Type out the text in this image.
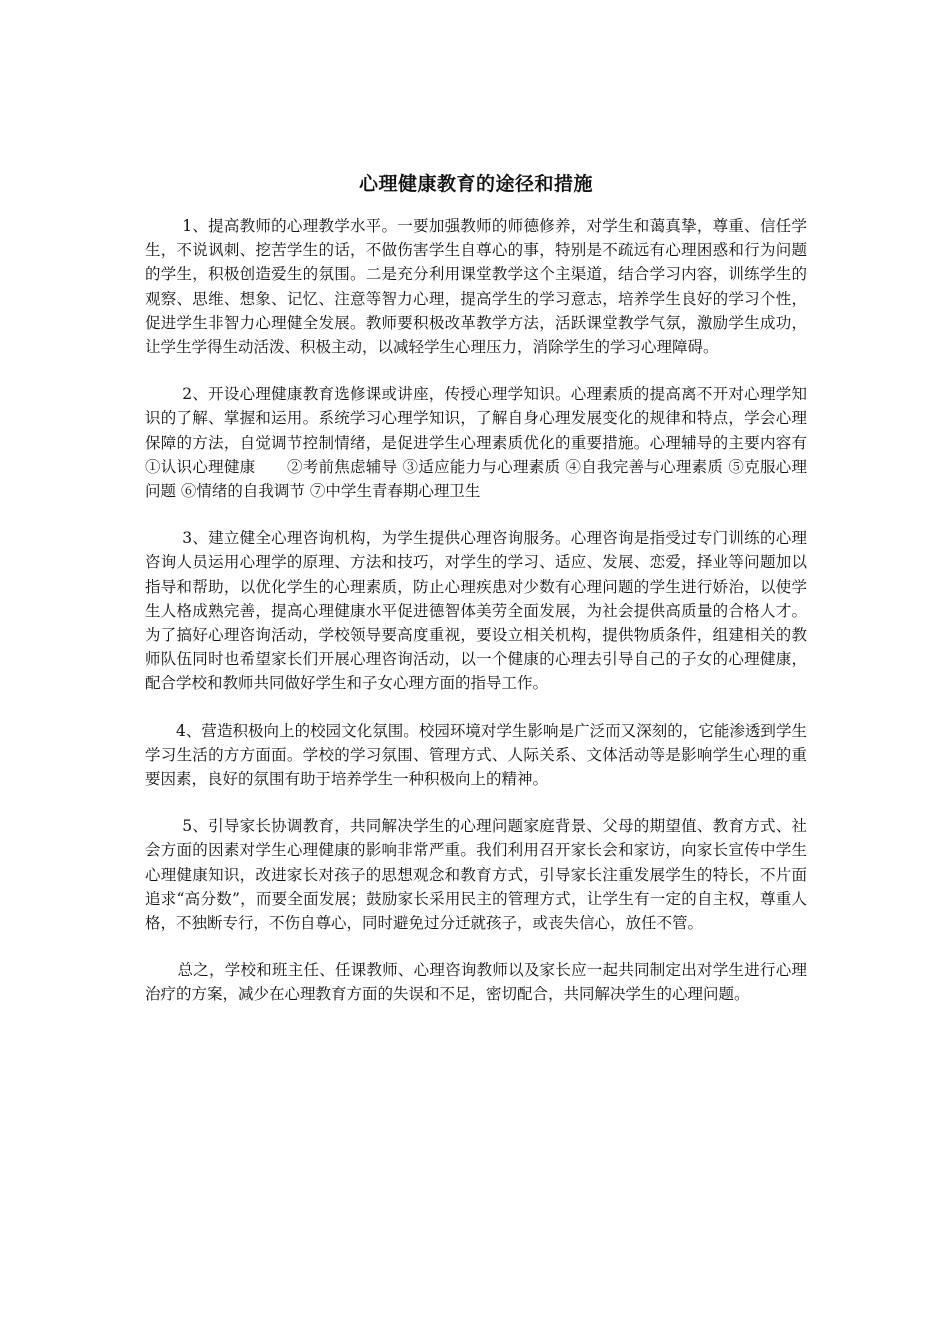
心理健康教育的途径和措施

1、提高教师的心理教学水平。一要加强教师的师德修养，对学生和蔼真挚，尊重、信任学生，不说讽刺、挖苦学生的话，不做伤害学生自尊心的事，特别是不疏远有心理困惑和行为问题的学生，积极创造爱生的氛围。二是充分利用课堂教学这个主渠道，结合学习内容，训练学生的观察、思维、想象、记忆、注意等智力心理，提高学生的学习意志，培养学生良好的学习个性，促进学生非智力心理健全发展。教师要积极改革教学方法，活跃课堂教学气氛，激励学生成功，让学生学得生动活泼、积极主动，以减轻学生心理压力，消除学生的学习心理障碍。

2、开设心理健康教育选修课或讲座，传授心理学知识。心理素质的提高离不开对心理学知识的了解、掌握和运用。系统学习心理学知识，了解自身心理发展变化的规律和特点，学会心理保障的方法，自觉调节控制情绪，是促进学生心理素质优化的重要措施。心理辅导的主要内容有①认识心理健康　　②考前焦虑辅导 ③适应能力与心理素质 ④自我完善与心理素质 ⑤克服心理问题 ⑥情绪的自我调节 ⑦中学生青春期心理卫生

3、建立健全心理咨询机构，为学生提供心理咨询服务。心理咨询是指受过专门训练的心理咨询人员运用心理学的原理、方法和技巧，对学生的学习、适应、发展、恋爱，择业等问题加以指导和帮助，以优化学生的心理素质，防止心理疾患对少数有心理问题的学生进行娇治，以使学生人格成熟完善，提高心理健康水平促进德智体美劳全面发展，为社会提供高质量的合格人才。为了搞好心理咨询活动，学校领导要高度重视，要设立相关机构，提供物质条件，组建相关的教师队伍同时也希望家长们开展心理咨询活动，以一个健康的心理去引导自己的子女的心理健康，配合学校和教师共同做好学生和子女心理方面的指导工作。

4、营造积极向上的校园文化氛围。校园环境对学生影响是广泛而又深刻的，它能渗透到学生学习生活的方方面面。学校的学习氛围、管理方式、人际关系、文体活动等是影响学生心理的重要因素，良好的氛围有助于培养学生一种积极向上的精神。

5、引导家长协调教育，共同解决学生的心理问题家庭背景、父母的期望值、教育方式、社会方面的因素对学生心理健康的影响非常严重。我们利用召开家长会和家访，向家长宣传中学生心理健康知识，改进家长对孩子的思想观念和教育方式，引导家长注重发展学生的特长，不片面追求“高分数”，而要全面发展；鼓励家长采用民主的管理方式，让学生有一定的自主权，尊重人格，不独断专行，不伤自尊心，同时避免过分迁就孩子，或丧失信心，放任不管。

总之，学校和班主任、任课教师、心理咨询教师以及家长应一起共同制定出对学生进行心理治疗的方案，减少在心理教育方面的失误和不足，密切配合，共同解决学生的心理问题。
